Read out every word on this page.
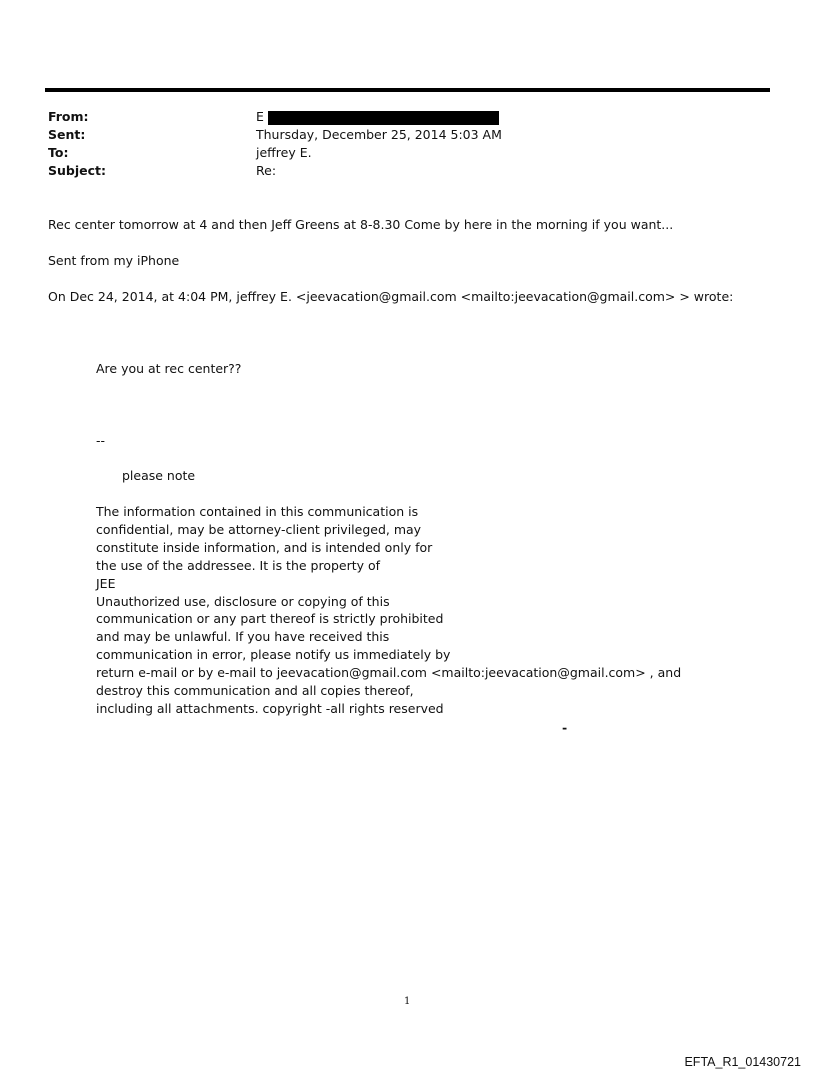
From:	E
Sent:	Thursday, December 25, 2014 5:03 AM
To:	jeffrey E.
Subject:	Re:
Rec center tomorrow at 4 and then Jeff Greens at 8-8.30 Come by here in the morning if you want...
Sent from my iPhone
On Dec 24, 2014, at 4:04 PM, jeffrey E. <jeevacation@gmail.com <mailto:jeevacation@gmail.com> > wrote:
Are you at rec center??
--
please note
The information contained in this communication is
confidential, may be attorney-client privileged, may
constitute inside information, and is intended only for
the use of the addressee. It is the property of
JEE
Unauthorized use, disclosure or copying of this
communication or any part thereof is strictly prohibited
and may be unlawful. If you have received this
communication in error, please notify us immediately by
return e-mail or by e-mail to jeevacation@gmail.com <mailto:jeevacation@gmail.com> , and
destroy this communication and all copies thereof,
including all attachments. copyright -all rights reserved
-
1
EFTA_R1_01430721
